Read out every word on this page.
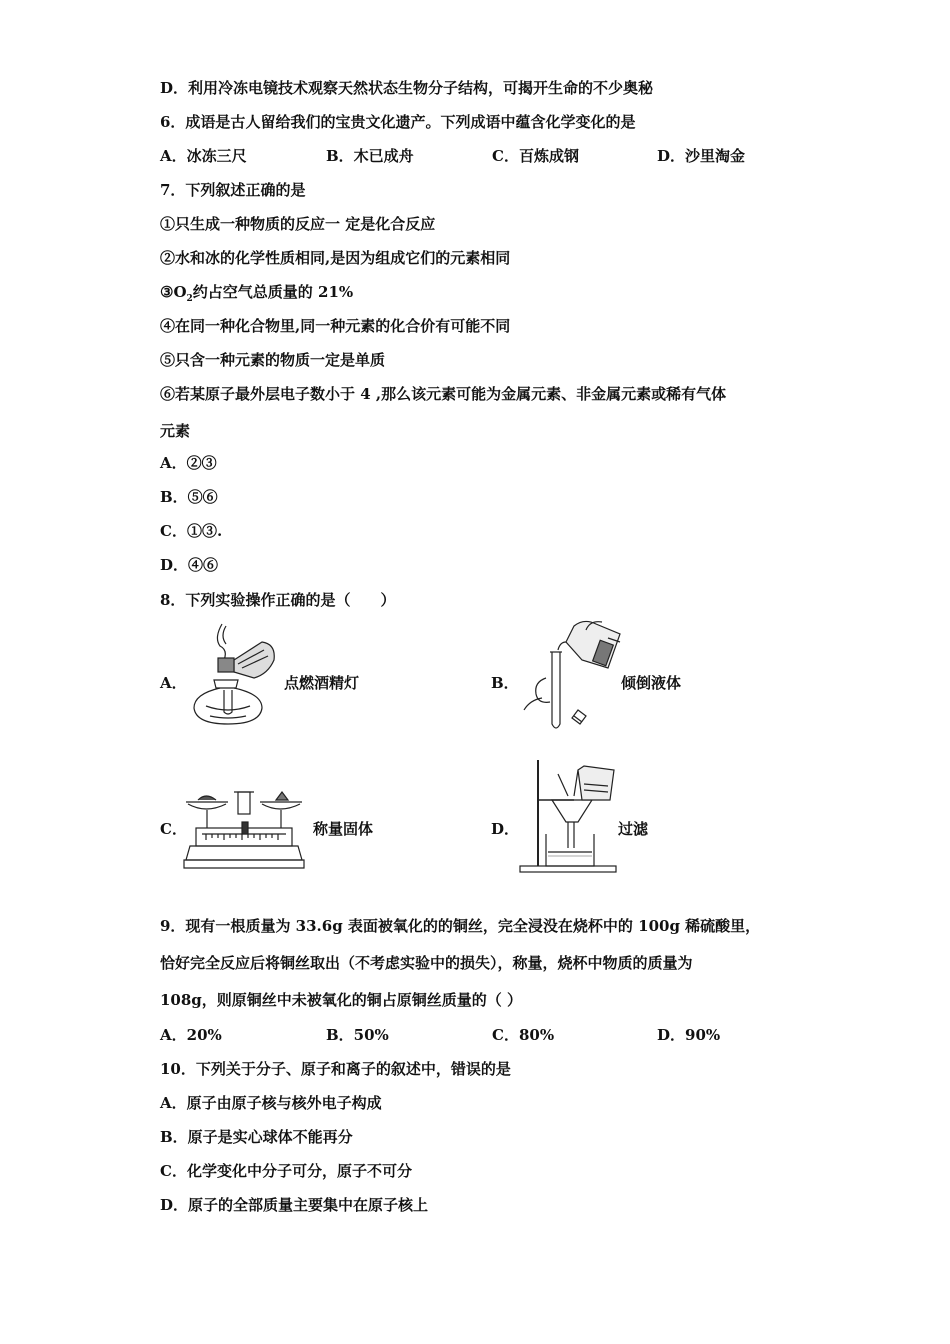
D．利用冷冻电镜技术观察天然状态生物分子结构，可揭开生命的不少奥秘
6．成语是古人留给我们的宝贵文化遗产。下列成语中蕴含化学变化的是
A．冰冻三尺	B．木已成舟	C．百炼成钢	D．沙里淘金
7．下列叙述正确的是
①只生成一种物质的反应一 定是化合反应
②水和冰的化学性质相同,是因为组成它们的元素相同
$③O_2$约占空气总质量的 21%
④在同一种化合物里,同一种元素的化合价有可能不同
⑤只含一种元素的物质一定是单质
⑥若某原子最外层电子数小于 4 ,那么该元素可能为金属元素、非金属元素或稀有气体
元素
A．②③
B．⑤⑥
C．①③.
D．④⑥
8．下列实验操作正确的是（　　）
A．	点燃酒精灯	B．	倾倒液体
C．	称量固体	D．	过滤
9．现有一根质量为 33.6g 表面被氧化的的铜丝，完全浸没在烧杯中的 100g 稀硫酸里，
恰好完全反应后将铜丝取出（不考虑实验中的损失），称量，烧杯中物质的质量为
108g，则原铜丝中未被氧化的铜占原铜丝质量的（ ）
A．20%	B．50%	C．80%	D．90%
10．下列关于分子、原子和离子的叙述中，错误的是
A．原子由原子核与核外电子构成
B．原子是实心球体不能再分
C．化学变化中分子可分，原子不可分
D．原子的全部质量主要集中在原子核上
